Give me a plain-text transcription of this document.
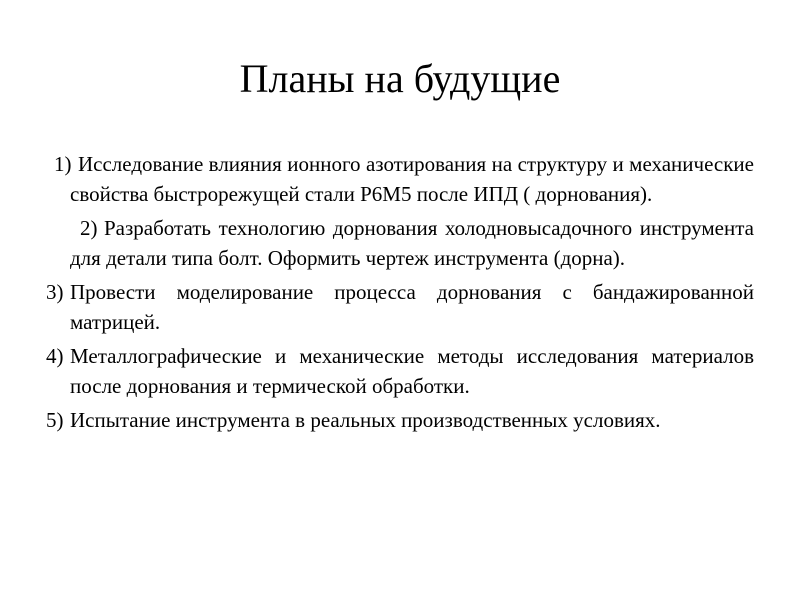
Планы на будущие
1) Исследование влияния ионного азотирования на структуру и механические свойства быстрорежущей стали Р6М5 после ИПД ( дорнования).
2) Разработать технологию дорнования холодновысадочного инструмента для детали типа болт. Оформить чертеж инструмента (дорна).
3) Провести моделирование процесса дорнования с бандажированной матрицей.
4) Металлографические и механические методы исследования материалов после дорнования и термической обработки.
5) Испытание инструмента в реальных производственных условиях.
